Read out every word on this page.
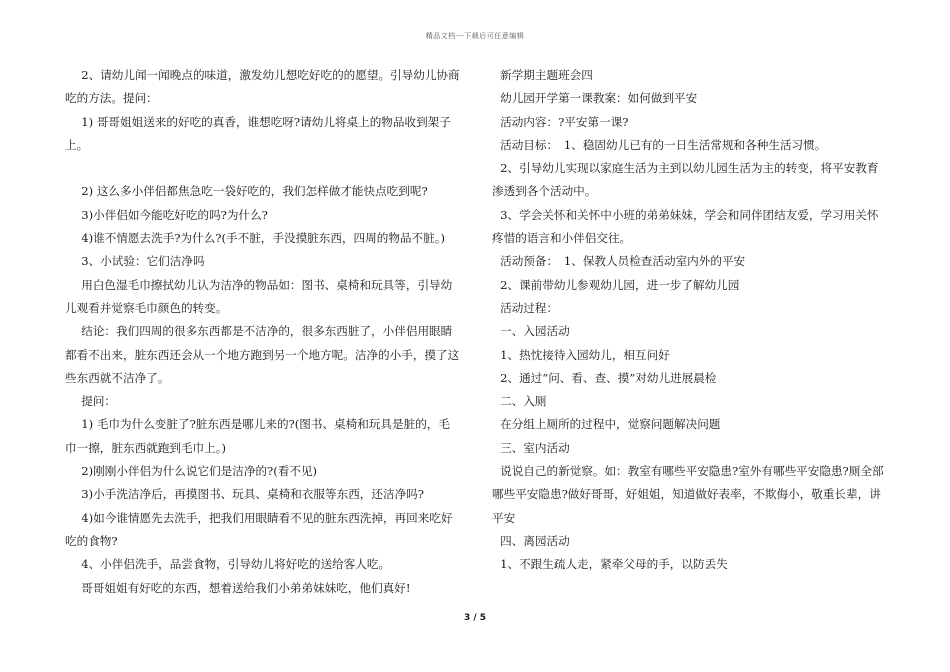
精品文档---下载后可任意编辑

2、请幼儿闻一闻晚点的味道，激发幼儿想吃好吃的的愿望。引导幼儿协商吃的方法。提问：

1) 哥哥姐姐送来的好吃的真香，谁想吃呀?请幼儿将桌上的物品收到架子上。

2) 这么多小伴侣都焦急吃一袋好吃的，我们怎样做才能快点吃到呢?

3)小伴侣如今能吃好吃的吗?为什么?

4)谁不情愿去洗手?为什么?(手不脏，手没摸脏东西，四周的物品不脏。)

3、小试验：它们洁净吗

用白色湿毛巾擦拭幼儿认为洁净的物品如：图书、桌椅和玩具等，引导幼儿观看并觉察毛巾颜色的转变。

结论：我们四周的很多东西都是不洁净的，很多东西脏了，小伴侣用眼睛都看不出来，脏东西还会从一个地方跑到另一个地方呢。洁净的小手，摸了这些东西就不洁净了。

提问：

1) 毛巾为什么变脏了?脏东西是哪儿来的?(图书、桌椅和玩具是脏的，毛巾一擦，脏东西就跑到毛巾上。)

2)刚刚小伴侣为什么说它们是洁净的?(看不见)

3)小手洗洁净后，再摸图书、玩具、桌椅和衣服等东西，还洁净吗?

4)如今谁情愿先去洗手，把我们用眼睛看不见的脏东西洗掉，再回来吃好吃的食物?

4、小伴侣洗手，品尝食物，引导幼儿将好吃的送给客人吃。

哥哥姐姐有好吃的东西，想着送给我们小弟弟妹妹吃，他们真好!

新学期主题班会四

幼儿园开学第一课教案：如何做到平安

活动内容：?平安第一课?

活动目标：　1、稳固幼儿已有的一日生活常规和各种生活习惯。

2、引导幼儿实现以家庭生活为主到以幼儿园生活为主的转变，将平安教育渗透到各个活动中。

3、学会关怀和关怀中小班的弟弟妹妹，学会和同伴团结友爱，学习用关怀疼惜的语言和小伴侣交往。

活动预备：　1、保教人员检查活动室内外的平安

2、课前带幼儿参观幼儿园，进一步了解幼儿园

活动过程：

一、入园活动

1、热忱接待入园幼儿，相互问好

2、通过“问、看、查、摸”对幼儿进展晨检

二、入厕

在分组上厕所的过程中，觉察问题解决问题

三、室内活动

说说自己的新觉察。如：教室有哪些平安隐患?室外有哪些平安隐患?厕全部哪些平安隐患?做好哥哥，好姐姐，知道做好表率，不欺侮小，敬重长辈，讲平安

四、离园活动

1、不跟生疏人走，紧牵父母的手，以防丢失

3 / 5
